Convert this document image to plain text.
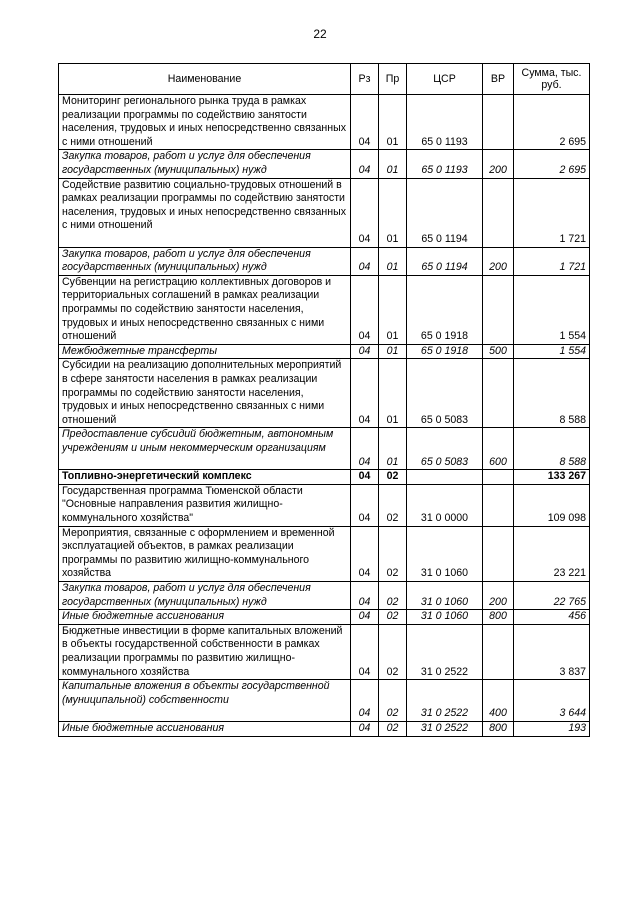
22
Наименование	Рз	Пр	ЦСР	ВР	Сумма, тыс. руб.
Мониторинг регионального рынка труда в рамках реализации программы по содействию занятости населения, трудовых и иных непосредственно связанных с ними отношений	04	01	65 0 1193		2 695
Закупка товаров, работ и услуг для обеспечения государственных (муниципальных) нужд	04	01	65 0 1193	200	2 695
Содействие развитию социально-трудовых отношений в рамках реализации программы по содействию занятости населения, трудовых и иных непосредственно связанных с ними отношений	04	01	65 0 1194		1 721
Закупка товаров, работ и услуг для обеспечения государственных (муниципальных) нужд	04	01	65 0 1194	200	1 721
Субвенции на регистрацию коллективных договоров и территориальных соглашений в рамках реализации программы по содействию занятости населения, трудовых и иных непосредственно связанных с ними отношений	04	01	65 0 1918		1 554
Межбюджетные трансферты	04	01	65 0 1918	500	1 554
Субсидии на реализацию дополнительных мероприятий в сфере занятости населения в рамках реализации программы по содействию занятости населения, трудовых и иных непосредственно связанных с ними отношений	04	01	65 0 5083		8 588
Предоставление субсидий бюджетным, автономным учреждениям и иным некоммерческим организациям	04	01	65 0 5083	600	8 588
Топливно-энергетический комплекс	04	02			133 267
Государственная программа Тюменской области "Основные направления развития жилищно-коммунального хозяйства"	04	02	31 0 0000		109 098
Мероприятия, связанные с оформлением и временной эксплуатацией объектов, в рамках реализации программы по развитию жилищно-коммунального хозяйства	04	02	31 0 1060		23 221
Закупка товаров, работ и услуг для обеспечения государственных (муниципальных) нужд	04	02	31 0 1060	200	22 765
Иные бюджетные ассигнования	04	02	31 0 1060	800	456
Бюджетные инвестиции в форме капитальных вложений в объекты государственной собственности в рамках реализации программы по развитию жилищно-коммунального хозяйства	04	02	31 0 2522		3 837
Капитальные вложения в объекты государственной (муниципальной) собственности	04	02	31 0 2522	400	3 644
Иные бюджетные ассигнования	04	02	31 0 2522	800	193
